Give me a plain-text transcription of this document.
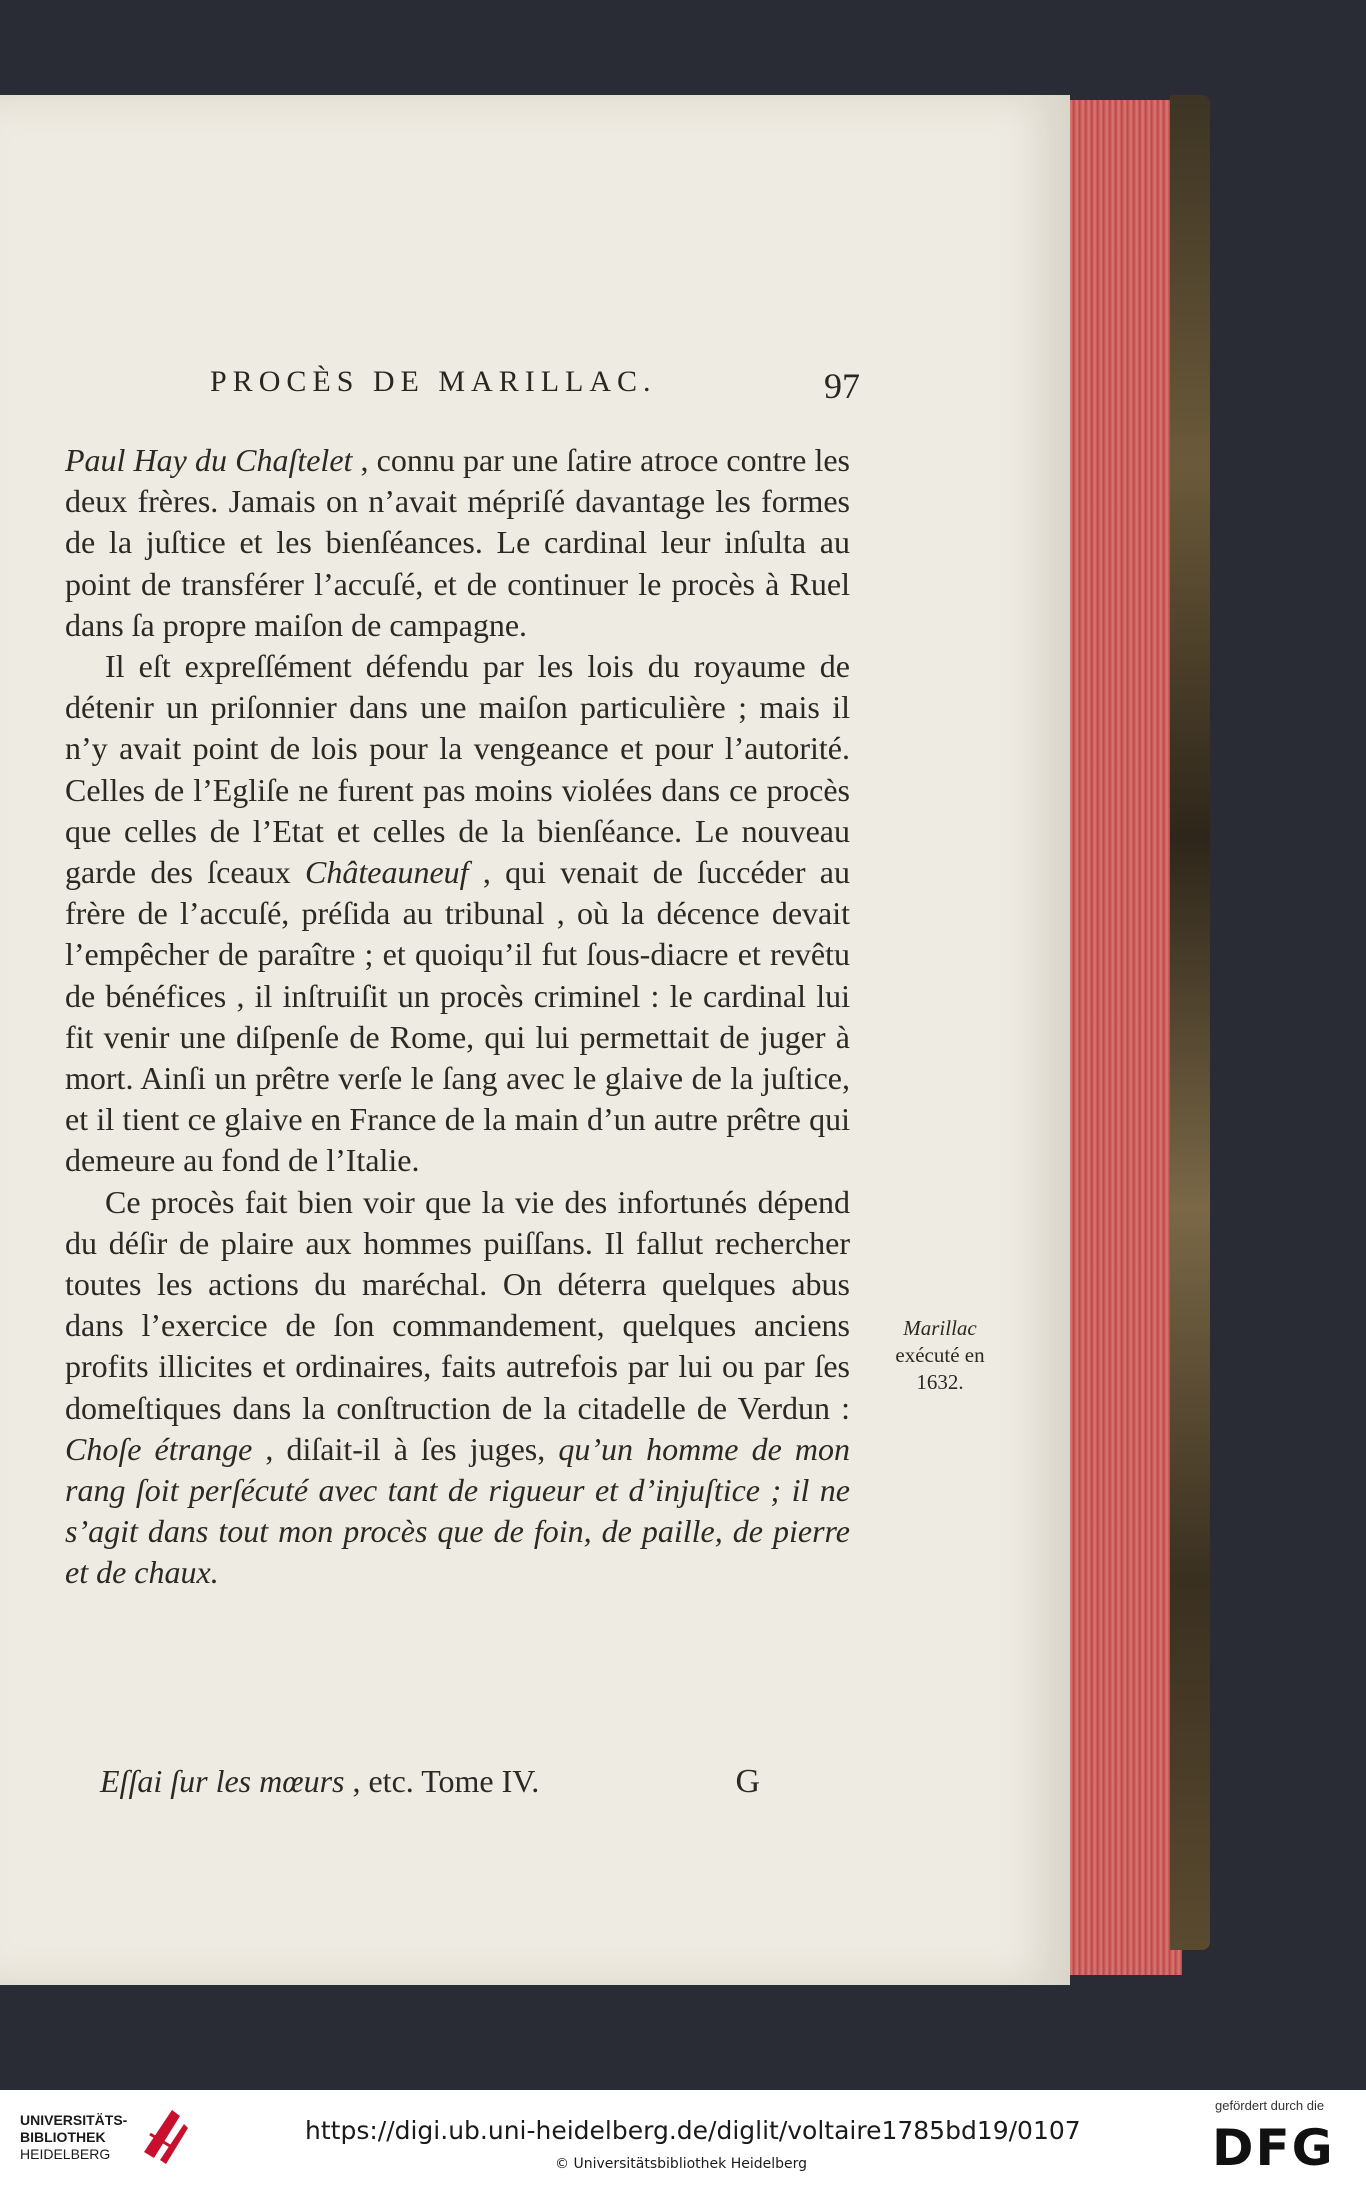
PROCÈS DE MARILLAC.	97

Paul Hay du Chaſtelet , connu par une ſatire atroce contre les deux frères. Jamais on n’avait mépriſé davantage les formes de la juſtice et les bienſéances. Le cardinal leur inſulta au point de transférer l’accuſé, et de continuer le procès à Ruel dans ſa propre maiſon de campagne.

Il eſt expreſſément défendu par les lois du royaume de détenir un priſonnier dans une maiſon particulière ; mais il n’y avait point de lois pour la vengeance et pour l’autorité. Celles de l’Egliſe ne furent pas moins violées dans ce procès que celles de l’Etat et celles de la bienſéance. Le nouveau garde des ſceaux Châteauneuf , qui venait de ſuccéder au frère de l’accuſé, préſida au tribunal , où la décence devait l’empêcher de paraître ; et quoiqu’il fut ſous-diacre et revêtu de bénéfices , il inſtruiſit un procès criminel : le cardinal lui fit venir une diſpenſe de Rome, qui lui permettait de juger à mort. Ainſi un prêtre verſe le ſang avec le glaive de la juſtice, et il tient ce glaive en France de la main d’un autre prêtre qui demeure au fond de l’Italie.

Ce procès fait bien voir que la vie des infortunés dépend du déſir de plaire aux hommes puiſſans. Il fallut rechercher toutes les actions du maréchal. On déterra quelques abus dans l’exercice de ſon commandement, quelques anciens profits illicites et ordinaires, faits autrefois par lui ou par ſes domeſtiques dans la conſtruction de la citadelle de Verdun : Choſe étrange , diſait-il à ſes juges, qu’un homme de mon rang ſoit perſécuté avec tant de rigueur et d’injuſtice ; il ne s’agit dans tout mon procès que de foin, de paille, de pierre et de chaux.

Marillac
exécuté en
1632.
Eſſai ſur les mœurs , etc. Tome IV.	G
UNIVERSITÄTS-
BIBLIOTHEK
HEIDELBERG
https://digi.ub.uni-heidelberg.de/diglit/voltaire1785bd19/0107
© Universitätsbibliothek Heidelberg
gefördert durch die
DFG
